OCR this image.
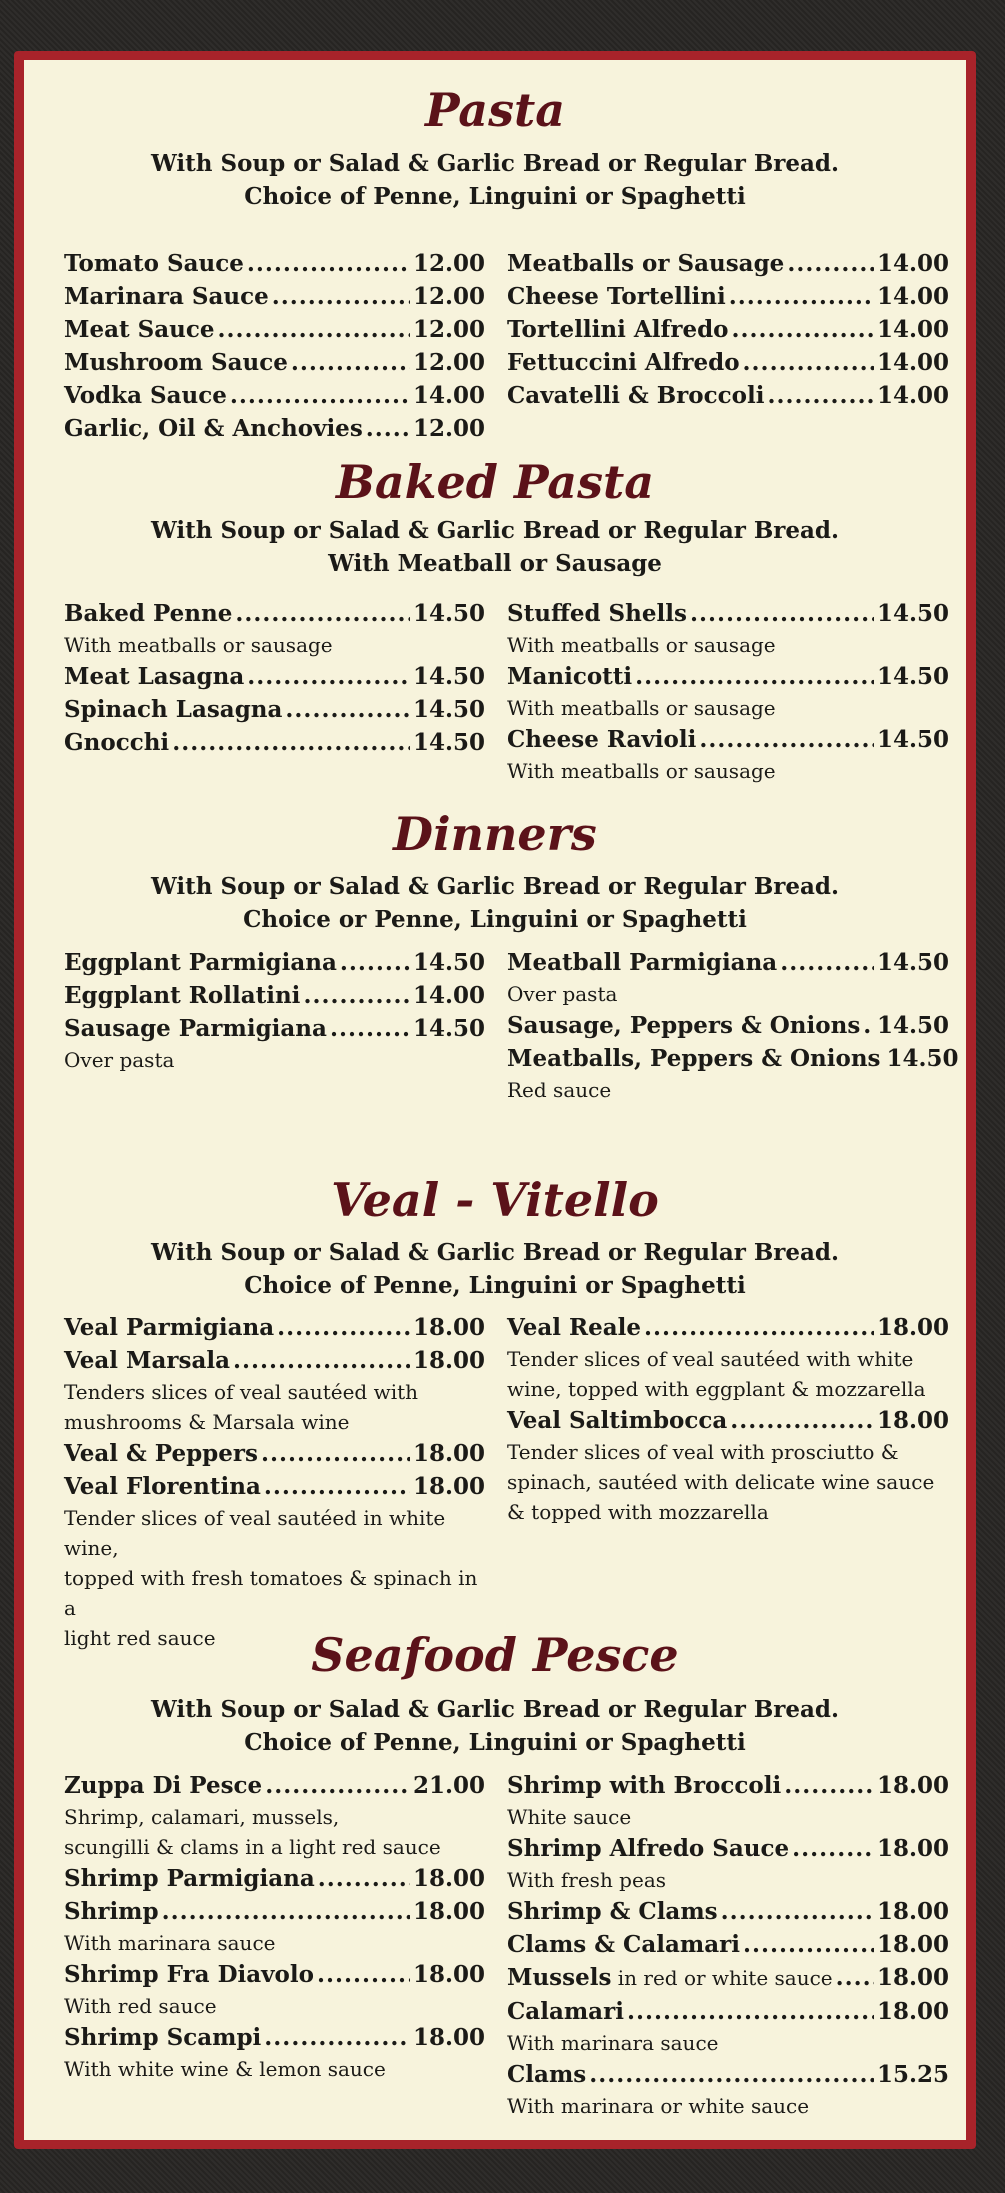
Pasta
With Soup or Salad & Garlic Bread or Regular Bread.
Choice of Penne, Linguini or Spaghetti
Tomato Sauce .....	12.00
Marinara Sauce .....	12.00
Meat Sauce .....	12.00
Mushroom Sauce .....	12.00
Vodka Sauce .....	14.00
Garlic, Oil & Anchovies ..... 12.00
Meatballs or Sausage .....	14.00
Cheese Tortellini .....	14.00
Tortellini Alfredo .....	14.00
Fettuccini Alfredo .....	14.00
Cavatelli & Broccoli .....	14.00
Baked Pasta
With Soup or Salad & Garlic Bread or Regular Bread.
With Meatball or Sausage
Baked Penne .....	14.50
With meatballs or sausage
Meat Lasagna .....	14.50
Spinach Lasagna .....	14.50
Gnocchi .....	14.50
Stuffed Shells .....	14.50
With meatballs or sausage
Manicotti .....	14.50
With meatballs or sausage
Cheese Ravioli .....	14.50
With meatballs or sausage
Dinners
With Soup or Salad & Garlic Bread or Regular Bread.
Choice or Penne, Linguini or Spaghetti
Eggplant Parmigiana .....	14.50
Eggplant Rollatini .....	14.00
Sausage Parmigiana .....	14.50
Over pasta
Meatball Parmigiana .....	14.50
Over pasta
Sausage, Peppers & Onions ..... 14.50
Meatballs, Peppers & Onions 14.50
Red sauce
Veal - Vitello
With Soup or Salad & Garlic Bread or Regular Bread.
Choice of Penne, Linguini or Spaghetti
Veal Parmigiana .....	18.00
Veal Marsala .....	18.00
Tenders slices of veal sautéed with
mushrooms & Marsala wine
Veal & Peppers .....	18.00
Veal Florentina .....	18.00
Tender slices of veal sautéed in white wine,
topped with fresh tomatoes & spinach in a
light red sauce
Veal Reale .....	18.00
Tender slices of veal sautéed with white
wine, topped with eggplant & mozzarella
Veal Saltimbocca .....	18.00
Tender slices of veal with prosciutto &
spinach, sautéed with delicate wine sauce
& topped with mozzarella
Seafood Pesce
With Soup or Salad & Garlic Bread or Regular Bread.
Choice of Penne, Linguini or Spaghetti
Zuppa Di Pesce .....	21.00
Shrimp, calamari, mussels,
scungilli & clams in a light red sauce
Shrimp Parmigiana .....	18.00
Shrimp .....	18.00
With marinara sauce
Shrimp Fra Diavolo .....	18.00
With red sauce
Shrimp Scampi .....	18.00
With white wine & lemon sauce
Shrimp with Broccoli .....	18.00
White sauce
Shrimp Alfredo Sauce .....	18.00
With fresh peas
Shrimp & Clams .....	18.00
Clams & Calamari .....	18.00
Mussels in red or white sauce ..... 18.00
Calamari .....	18.00
With marinara sauce
Clams .....	15.25
With marinara or white sauce
